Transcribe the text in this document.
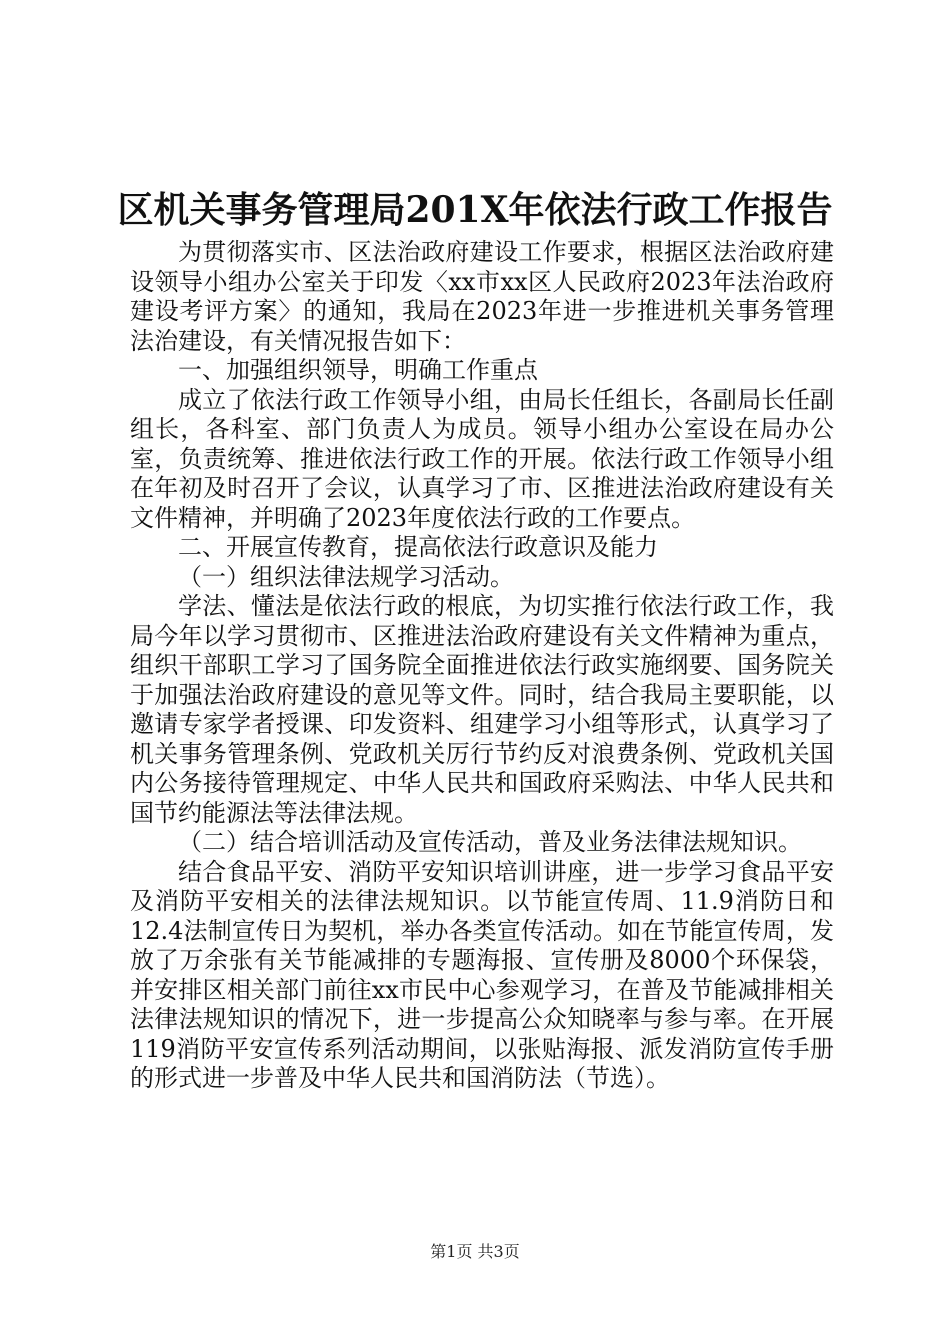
区机关事务管理局201X年依法行政工作报告

为贯彻落实市、区法治政府建设工作要求，根据区法治政府建设领导小组办公室关于印发〈xx市xx区人民政府2023年法治政府建设考评方案〉的通知，我局在2023年进一步推进机关事务管理法治建设，有关情况报告如下：

一、加强组织领导，明确工作重点

成立了依法行政工作领导小组，由局长任组长，各副局长任副组长，各科室、部门负责人为成员。领导小组办公室设在局办公室，负责统筹、推进依法行政工作的开展。依法行政工作领导小组在年初及时召开了会议，认真学习了市、区推进法治政府建设有关文件精神，并明确了2023年度依法行政的工作要点。

二、开展宣传教育，提高依法行政意识及能力

（一）组织法律法规学习活动。

学法、懂法是依法行政的根底，为切实推行依法行政工作，我局今年以学习贯彻市、区推进法治政府建设有关文件精神为重点，组织干部职工学习了国务院全面推进依法行政实施纲要、国务院关于加强法治政府建设的意见等文件。同时，结合我局主要职能，以邀请专家学者授课、印发资料、组建学习小组等形式，认真学习了机关事务管理条例、党政机关厉行节约反对浪费条例、党政机关国内公务接待管理规定、中华人民共和国政府采购法、中华人民共和国节约能源法等法律法规。

（二）结合培训活动及宣传活动，普及业务法律法规知识。

结合食品平安、消防平安知识培训讲座，进一步学习食品平安及消防平安相关的法律法规知识。以节能宣传周、11.9消防日和12.4法制宣传日为契机，举办各类宣传活动。如在节能宣传周，发放了万余张有关节能减排的专题海报、宣传册及8000个环保袋，并安排区相关部门前往xx市民中心参观学习，在普及节能减排相关法律法规知识的情况下，进一步提高公众知晓率与参与率。在开展119消防平安宣传系列活动期间，以张贴海报、派发消防宣传手册的形式进一步普及中华人民共和国消防法（节选）。

第1页 共3页
